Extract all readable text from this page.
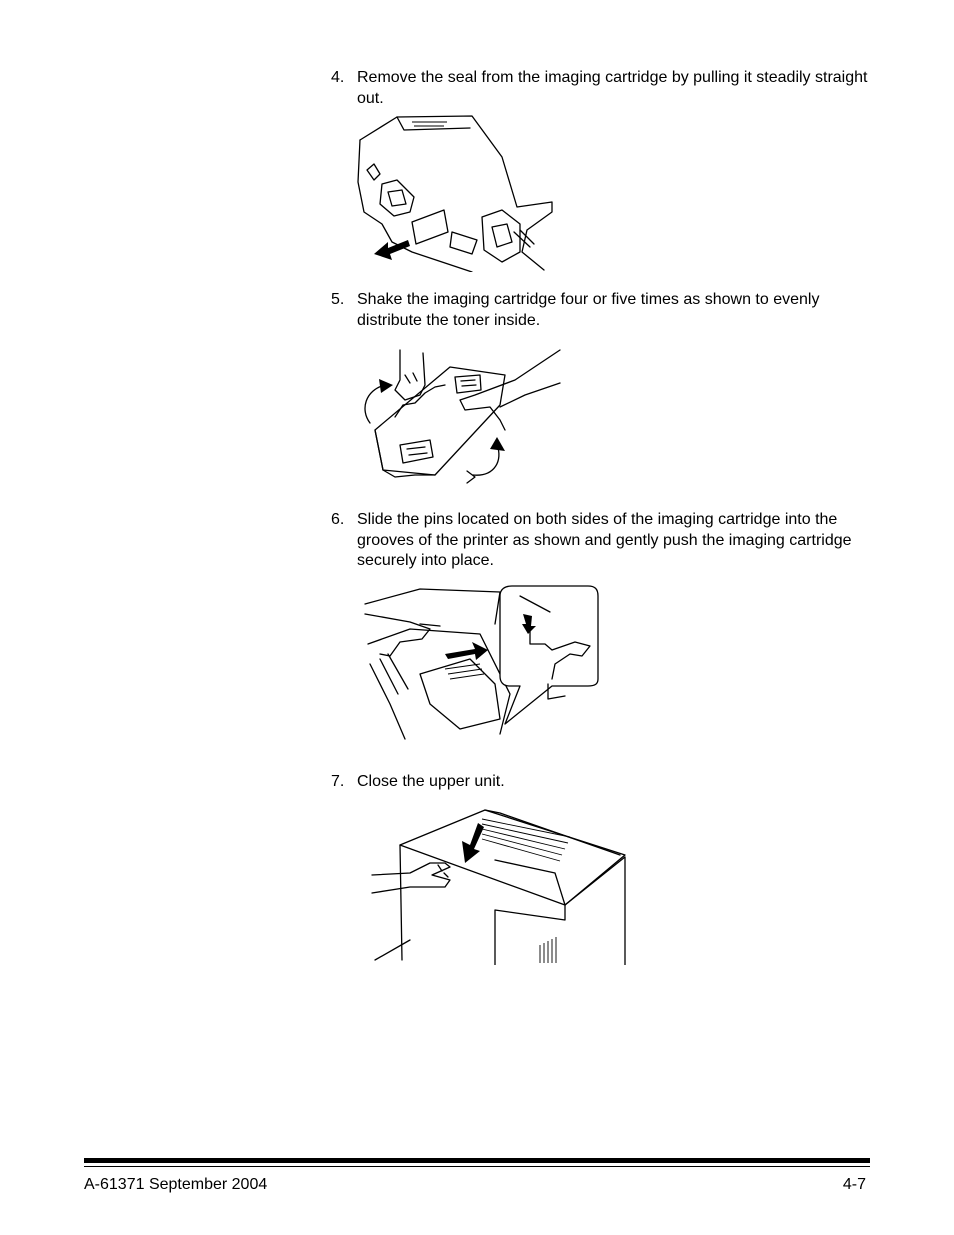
4. Remove the seal from the imaging cartridge by pulling it steadily straight out.
5. Shake the imaging cartridge four or five times as shown to evenly distribute the toner inside.
6. Slide the pins located on both sides of the imaging cartridge into the grooves of the printer as shown and gently push the imaging cartridge securely into place.
7. Close the upper unit.
A-61371 September 2004	4-7
